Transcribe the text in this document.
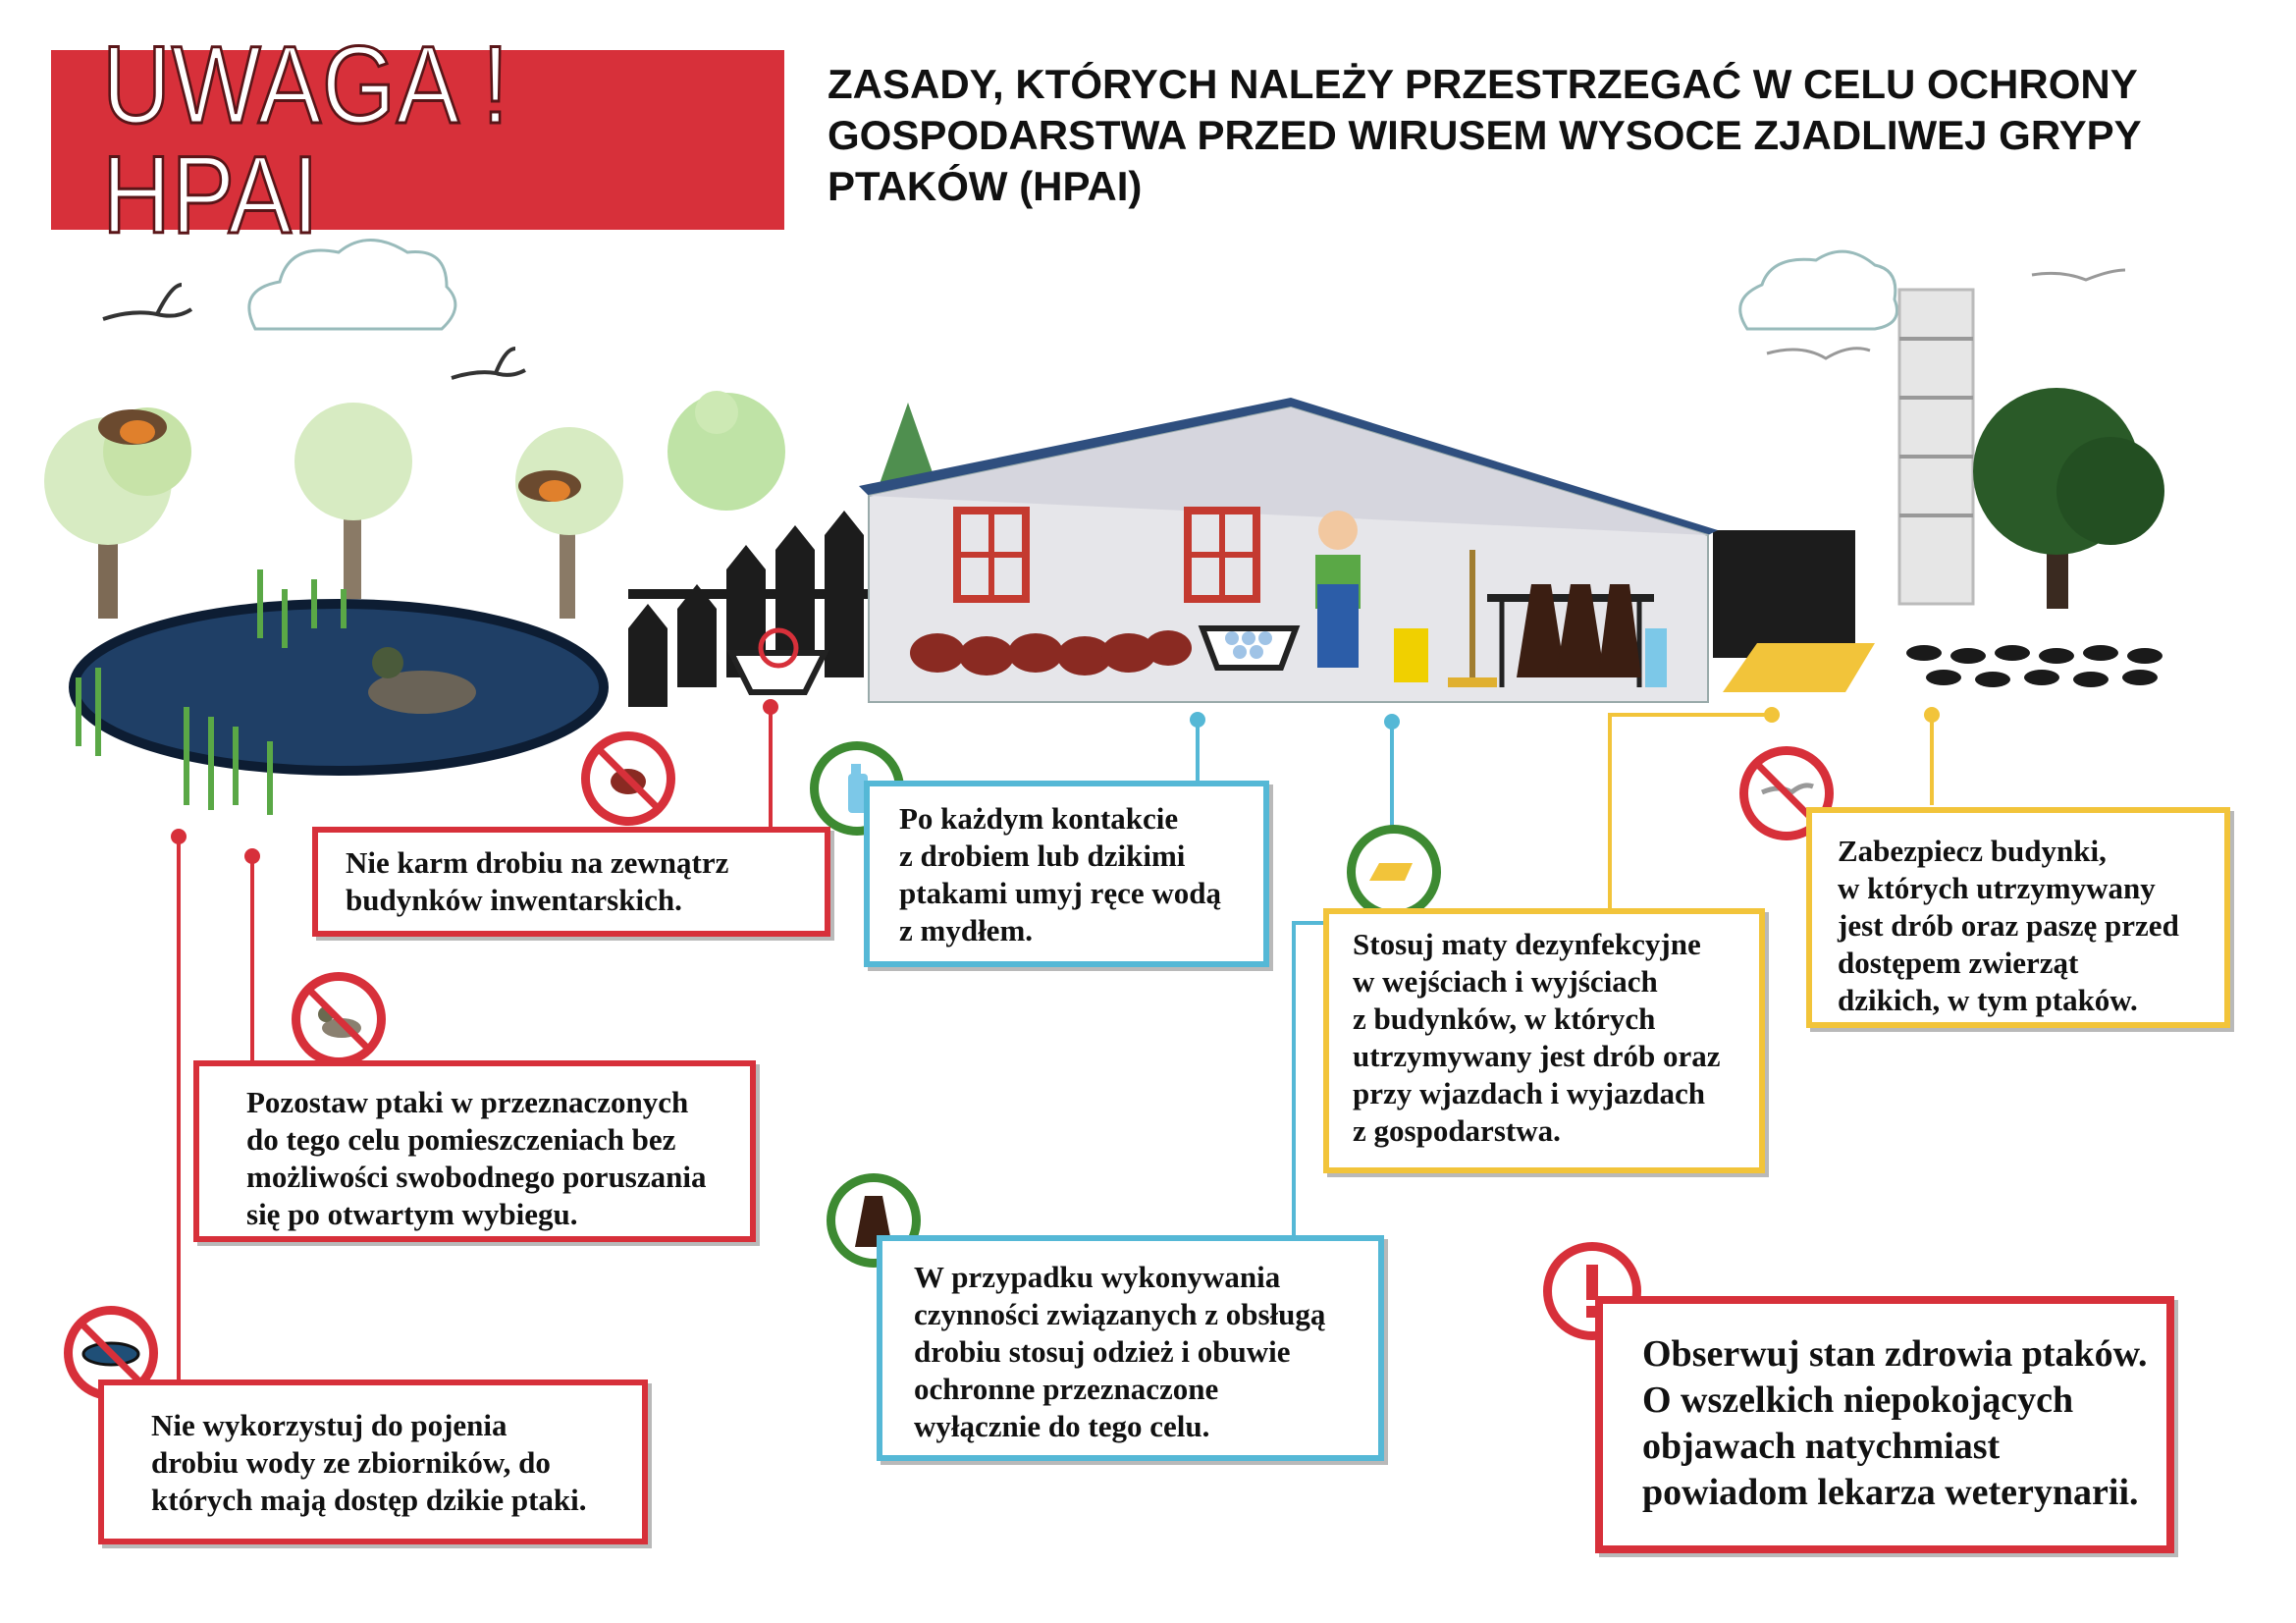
UWAGA ! HPAI
ZASADY, KTÓRYCH NALEŻY PRZESTRZEGAĆ W CELU OCHRONY GOSPODARSTWA PRZED WIRUSEM WYSOCE ZJADLIWEJ GRYPY PTAKÓW (HPAI)
Nie karm drobiu na zewnątrz
budynków inwentarskich.
Po każdym kontakcie
z drobiem lub dzikimi
ptakami umyj ręce wodą
z mydłem.	Stosuj maty dezynfekcyjne
w wejściach i wyjściach
z budynków, w których
utrzymywany jest drób oraz
przy wjazdach i wyjazdach
z gospodarstwa.
Zabezpiecz budynki,
w których utrzymywany
jest drób oraz paszę przed
dostępem zwierząt
dzikich, w tym ptaków.
Pozostaw ptaki w przeznaczonych
do tego celu pomieszczeniach bez
możliwości swobodnego poruszania
się po otwartym wybiegu.
W przypadku wykonywania
czynności związanych z obsługą
drobiu stosuj odzież i obuwie
ochronne przeznaczone
wyłącznie do tego celu.
Nie wykorzystuj do pojenia
drobiu wody ze zbiorników, do
których mają dostęp dzikie ptaki.
Obserwuj stan zdrowia ptaków.
O wszelkich niepokojących
objawach natychmiast
powiadom lekarza weterynarii.
